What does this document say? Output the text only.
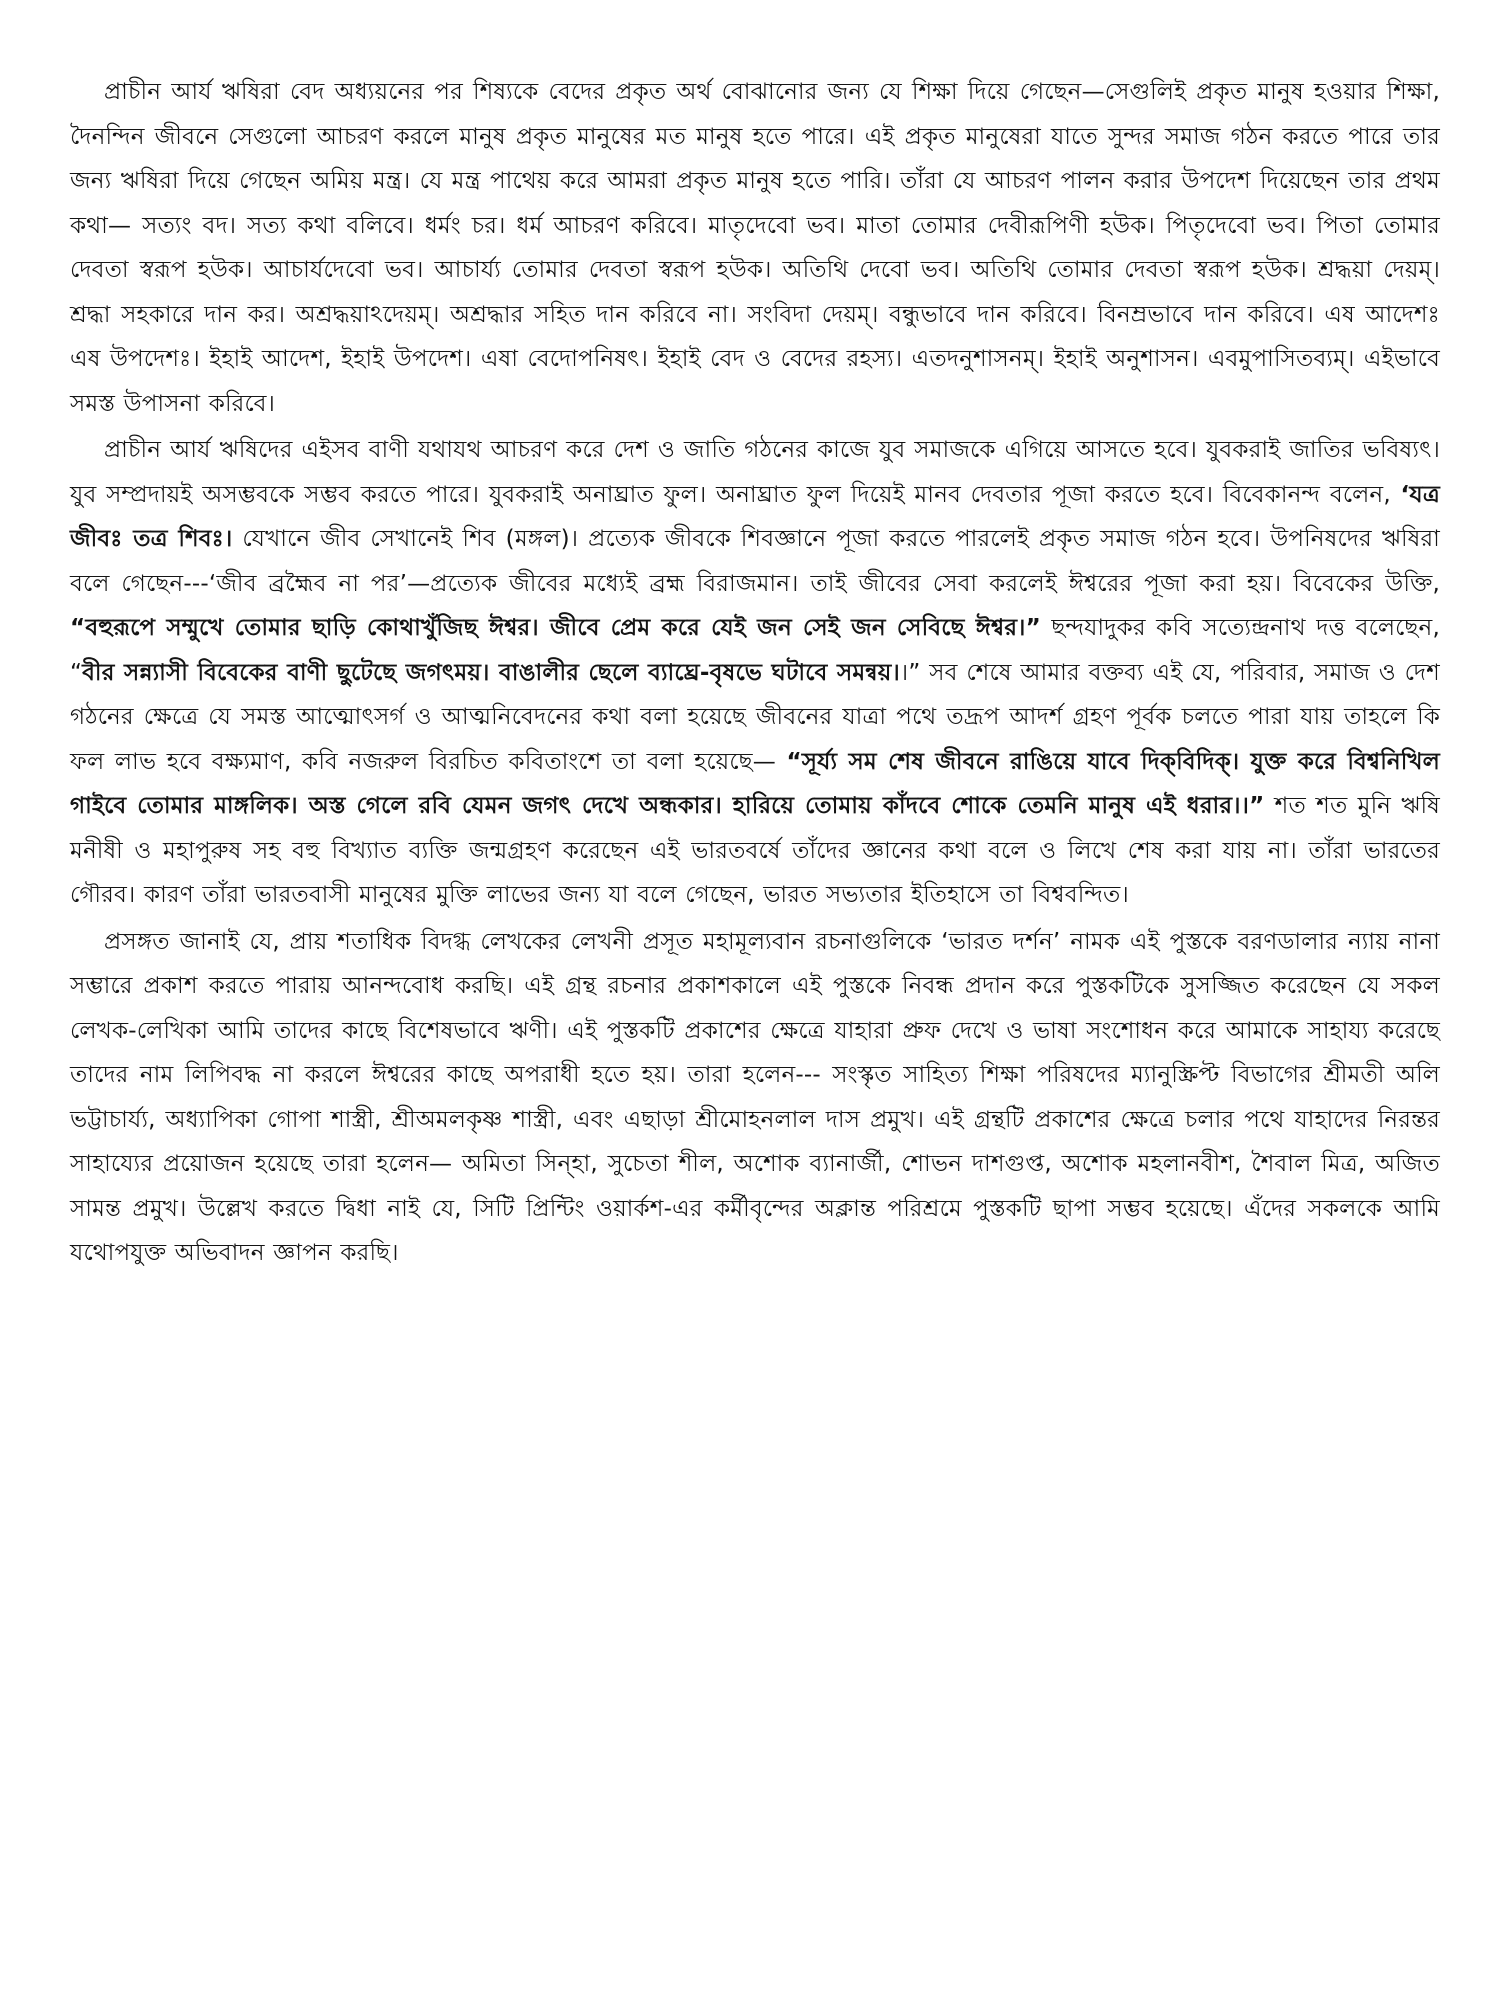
প্রাচীন আর্য ঋষিরা বেদ অধ্যয়নের পর শিষ্যকে বেদের প্রকৃত অর্থ বোঝানোর জন্য যে শিক্ষা দিয়ে গেছেন—সেগুলিই প্রকৃত মানুষ হওয়ার শিক্ষা, দৈনন্দিন জীবনে সেগুলো আচরণ করলে মানুষ প্রকৃত মানুষের মত মানুষ হতে পারে। এই প্রকৃত মানুষেরা যাতে সুন্দর সমাজ গঠন করতে পারে তার জন্য ঋষিরা দিয়ে গেছেন অমিয় মন্ত্র। যে মন্ত্র পাথেয় করে আমরা প্রকৃত মানুষ হতে পারি। তাঁরা যে আচরণ পালন করার উপদেশ দিয়েছেন তার প্রথম কথা— সত্যং বদ। সত্য কথা বলিবে। ধর্মং চর। ধর্ম আচরণ করিবে। মাতৃদেবো ভব। মাতা তোমার দেবীরূপিণী হউক। পিতৃদেবো ভব। পিতা তোমার দেবতা স্বরূপ হউক। আচার্যদেবো ভব। আচার্য্য তোমার দেবতা স্বরূপ হউক। অতিথি দেবো ভব। অতিথি তোমার দেবতা স্বরূপ হউক। শ্রদ্ধয়া দেয়ম্। শ্রদ্ধা সহকারে দান কর। অশ্রদ্ধয়া‌ঽদেয়ম্। অশ্রদ্ধার সহিত দান করিবে না। সংবিদা দেয়ম্। বন্ধুভাবে দান করিবে। বিনম্রভাবে দান করিবে। এষ আদেশঃ এষ উপদেশঃ। ইহাই আদেশ, ইহাই উপদেশ। এষা বেদোপনিষৎ। ইহাই বেদ ও বেদের রহস্য। এতদনুশাসনম্। ইহাই অনুশাসন। এবমুপাসিতব্যম্। এইভাবে সমস্ত উপাসনা করিবে।

প্রাচীন আর্য ঋষিদের এইসব বাণী যথাযথ আচরণ করে দেশ ও জাতি গঠনের কাজে যুব সমাজকে এগিয়ে আসতে হবে। যুবকরাই জাতির ভবিষ্যৎ। যুব সম্প্রদায়ই অসম্ভবকে সম্ভব করতে পারে। যুবকরাই অনাঘ্রাত ফুল। অনাঘ্রাত ফুল দিয়েই মানব দেবতার পূজা করতে হবে। বিবেকানন্দ বলেন, ‘যত্র জীবঃ তত্র শিবঃ। যেখানে জীব সেখানেই শিব (মঙ্গল)। প্রত্যেক জীবকে শিবজ্ঞানে পূজা করতে পারলেই প্রকৃত সমাজ গঠন হবে। উপনিষদের ঋষিরা বলে গেছেন---‘জীব ব্রহ্মৈব না পর’—প্রত্যেক জীবের মধ্যেই ব্রহ্ম বিরাজমান। তাই জীবের সেবা করলেই ঈশ্বরের পূজা করা হয়। বিবেকের উক্তি, “বহুরূপে সম্মুখে তোমার ছাড়ি কোথাখুঁজিছ ঈশ্বর। জীবে প্রেম করে যেই জন সেই জন সেবিছে ঈশ্বর।” ছন্দযাদুকর কবি সত্যেন্দ্রনাথ দত্ত বলেছেন, “বীর সন্ন্যাসী বিবেকের বাণী ছুটেছে জগৎময়। বাঙালীর ছেলে ব্যাঘ্রে-বৃষভে ঘটাবে সমন্বয়।।” সব শেষে আমার বক্তব্য এই যে, পরিবার, সমাজ ও দেশ গঠনের ক্ষেত্রে যে সমস্ত আত্মোৎসর্গ ও আত্মনিবেদনের কথা বলা হয়েছে জীবনের যাত্রা পথে তদ্রূপ আদর্শ গ্রহণ পূর্বক চলতে পারা যায় তাহলে কি ফল লাভ হবে বক্ষ্যমাণ, কবি নজরুল বিরচিত কবিতাংশে তা বলা হয়েছে— “সূর্য্য সম শেষ জীবনে রাঙিয়ে যাবে দিক্‌বিদিক্‌। যুক্ত করে বিশ্বনিখিল গাইবে তোমার মাঙ্গলিক। অস্ত গেলে রবি যেমন জগৎ দেখে অন্ধকার। হারিয়ে তোমায় কাঁদবে শোকে তেমনি মানুষ এই ধরার।।” শত শত মুনি ঋষি মনীষী ও মহাপুরুষ সহ বহু বিখ্যাত ব্যক্তি জন্মগ্রহণ করেছেন এই ভারতবর্ষে তাঁদের জ্ঞানের কথা বলে ও লিখে শেষ করা যায় না। তাঁরা ভারতের গৌরব। কারণ তাঁরা ভারতবাসী মানুষের মুক্তি লাভের জন্য যা বলে গেছেন, ভারত সভ্যতার ইতিহাসে তা বিশ্ববন্দিত।

প্রসঙ্গত জানাই যে, প্রায় শতাধিক বিদগ্ধ লেখকের লেখনী প্রসূত মহামূল্যবান রচনাগুলিকে ‘ভারত দর্শন’ নামক এই পুস্তকে বরণডালার ন্যায় নানা সম্ভারে প্রকাশ করতে পারায় আনন্দবোধ করছি। এই গ্রন্থ রচনার প্রকাশকালে এই পুস্তকে নিবন্ধ প্রদান করে পুস্তকটিকে সুসজ্জিত করেছেন যে সকল লেখক-লেখিকা আমি তাদের কাছে বিশেষভাবে ঋণী। এই পুস্তকটি প্রকাশের ক্ষেত্রে যাহারা প্রুফ দেখে ও ভাষা সংশোধন করে আমাকে সাহায্য করেছে তাদের নাম লিপিবদ্ধ না করলে ঈশ্বরের কাছে অপরাধী হতে হয়। তারা হলেন--- সংস্কৃত সাহিত্য শিক্ষা পরিষদের ম্যানুস্ক্রিপ্ট বিভাগের শ্রীমতী অলি ভট্টাচার্য্য, অধ্যাপিকা গোপা শাস্ত্রী, শ্রীঅমলকৃষ্ণ শাস্ত্রী, এবং এছাড়া শ্রীমোহনলাল দাস প্রমুখ। এই গ্রন্থটি প্রকাশের ক্ষেত্রে চলার পথে যাহাদের নিরন্তর সাহায্যের প্রয়োজন হয়েছে তারা হলেন— অমিতা সিন্‌হা, সুচেতা শীল, অশোক ব্যানার্জী, শোভন দাশগুপ্ত, অশোক মহলানবীশ, শৈবাল মিত্র, অজিত সামন্ত প্রমুখ। উল্লেখ করতে দ্বিধা নাই যে, সিটি প্রিন্টিং ওয়ার্কশ-এর কর্মীবৃন্দের অক্লান্ত পরিশ্রমে পুস্তকটি ছাপা সম্ভব হয়েছে। এঁদের সকলকে আমি যথোপযুক্ত অভিবাদন জ্ঞাপন করছি।
